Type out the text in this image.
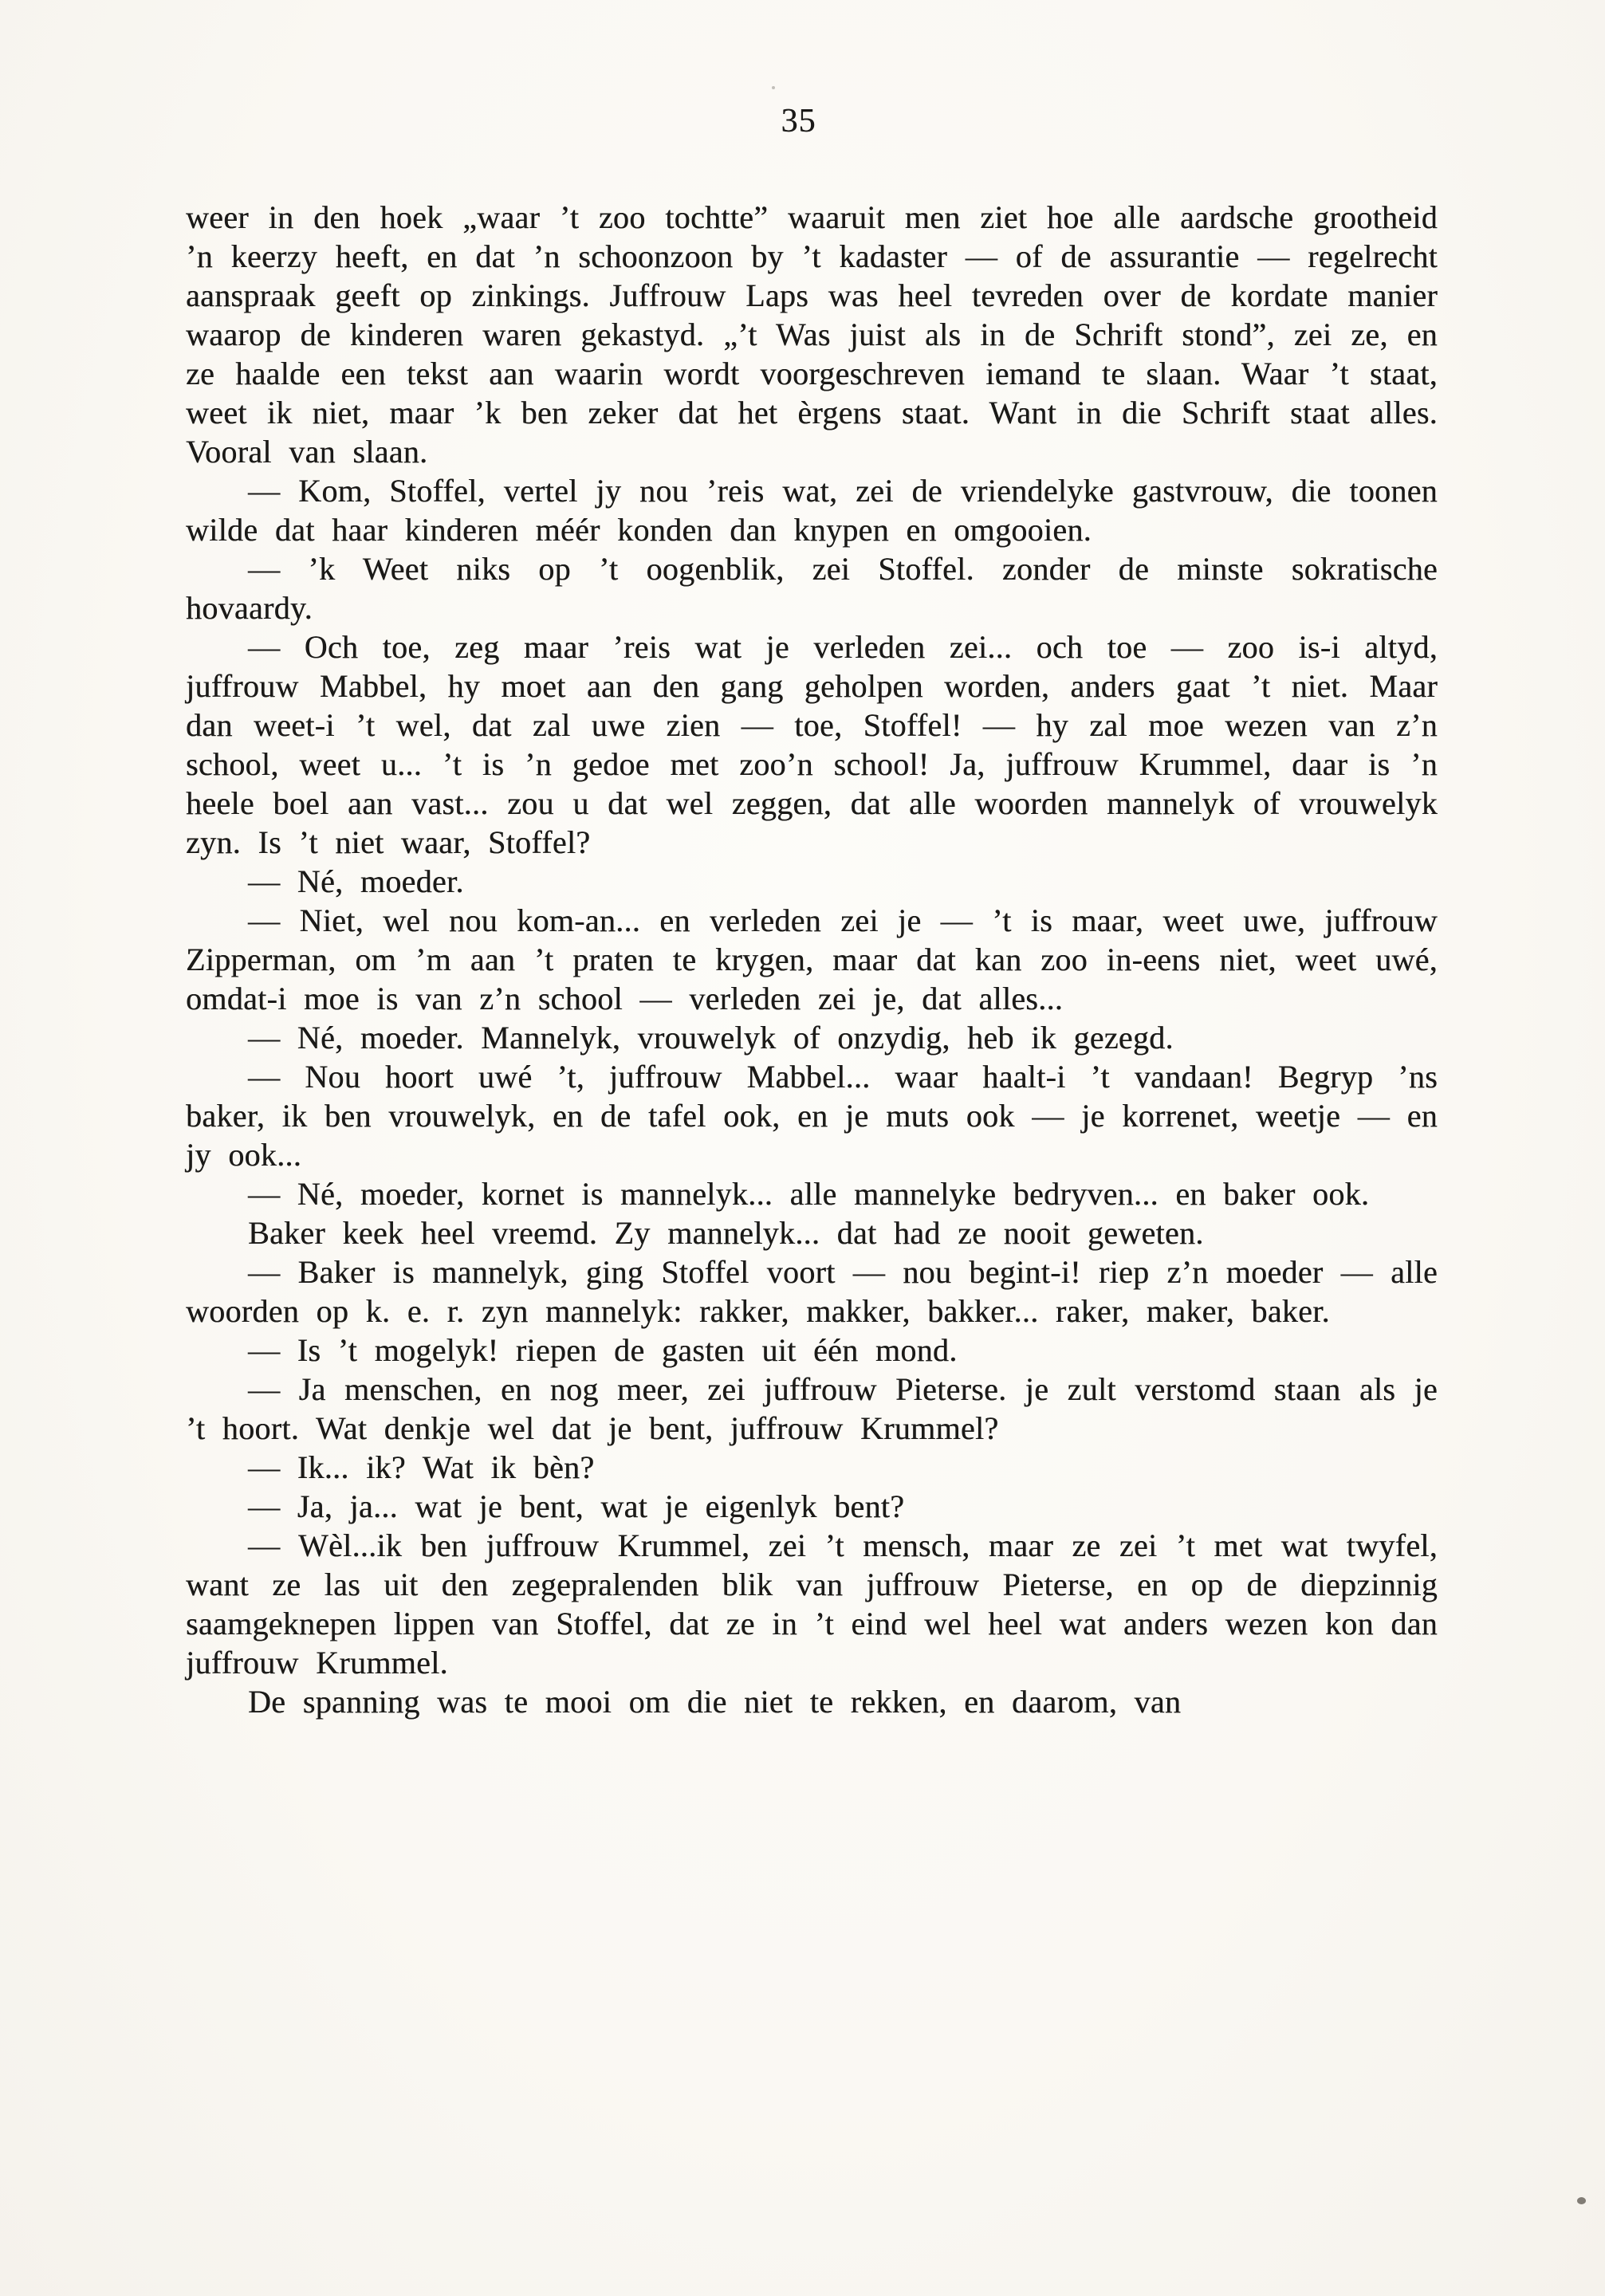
35

weer in den hoek „waar ’t zoo tochtte” waaruit men ziet hoe alle aardsche grootheid ’n keerzy heeft, en dat ’n schoonzoon by ’t kadaster — of de assurantie — regelrecht aanspraak geeft op zinkings. Juffrouw Laps was heel tevreden over de kordate manier waarop de kinderen waren gekastyd. „’t Was juist als in de Schrift stond”, zei ze, en ze haalde een tekst aan waarin wordt voorgeschreven iemand te slaan. Waar ’t staat, weet ik niet, maar ’k ben zeker dat het èrgens staat. Want in die Schrift staat alles. Vooral van slaan.

— Kom, Stoffel, vertel jy nou ’reis wat, zei de vriendelyke gastvrouw, die toonen wilde dat haar kinderen méér konden dan knypen en omgooien.

— ’k Weet niks op ’t oogenblik, zei Stoffel. zonder de minste sokratische hovaardy.

— Och toe, zeg maar ’reis wat je verleden zei... och toe — zoo is-i altyd, juffrouw Mabbel, hy moet aan den gang geholpen worden, anders gaat ’t niet. Maar dan weet-i ’t wel, dat zal uwe zien — toe, Stoffel! — hy zal moe wezen van z’n school, weet u... ’t is ’n gedoe met zoo’n school! Ja, juffrouw Krummel, daar is ’n heele boel aan vast... zou u dat wel zeggen, dat alle woorden mannelyk of vrouwelyk zyn. Is ’t niet waar, Stoffel?

— Né, moeder.

— Niet, wel nou kom-an... en verleden zei je — ’t is maar, weet uwe, juffrouw Zipperman, om ’m aan ’t praten te krygen, maar dat kan zoo in-eens niet, weet uwé, omdat-i moe is van z’n school — verleden zei je, dat alles...

— Né, moeder. Mannelyk, vrouwelyk of onzydig, heb ik gezegd.

— Nou hoort uwé ’t, juffrouw Mabbel... waar haalt-i ’t vandaan! Begryp ’ns baker, ik ben vrouwelyk, en de tafel ook, en je muts ook — je korrenet, weetje — en jy ook...

— Né, moeder, kornet is mannelyk... alle mannelyke bedryven... en baker ook.

Baker keek heel vreemd. Zy mannelyk... dat had ze nooit geweten.

— Baker is mannelyk, ging Stoffel voort — nou begint-i! riep z’n moeder — alle woorden op k. e. r. zyn mannelyk: rakker, makker, bakker... raker, maker, baker.

— Is ’t mogelyk! riepen de gasten uit één mond.

— Ja menschen, en nog meer, zei juffrouw Pieterse. je zult verstomd staan als je ’t hoort. Wat denkje wel dat je bent, juffrouw Krummel?

— Ik... ik? Wat ik bèn?

— Ja, ja... wat je bent, wat je eigenlyk bent?

— Wèl...ik ben juffrouw Krummel, zei ’t mensch, maar ze zei ’t met wat twyfel, want ze las uit den zegepralenden blik van juffrouw Pieterse, en op de diepzinnig saamgeknepen lippen van Stoffel, dat ze in ’t eind wel heel wat anders wezen kon dan juffrouw Krummel.

De spanning was te mooi om die niet te rekken, en daarom, van
